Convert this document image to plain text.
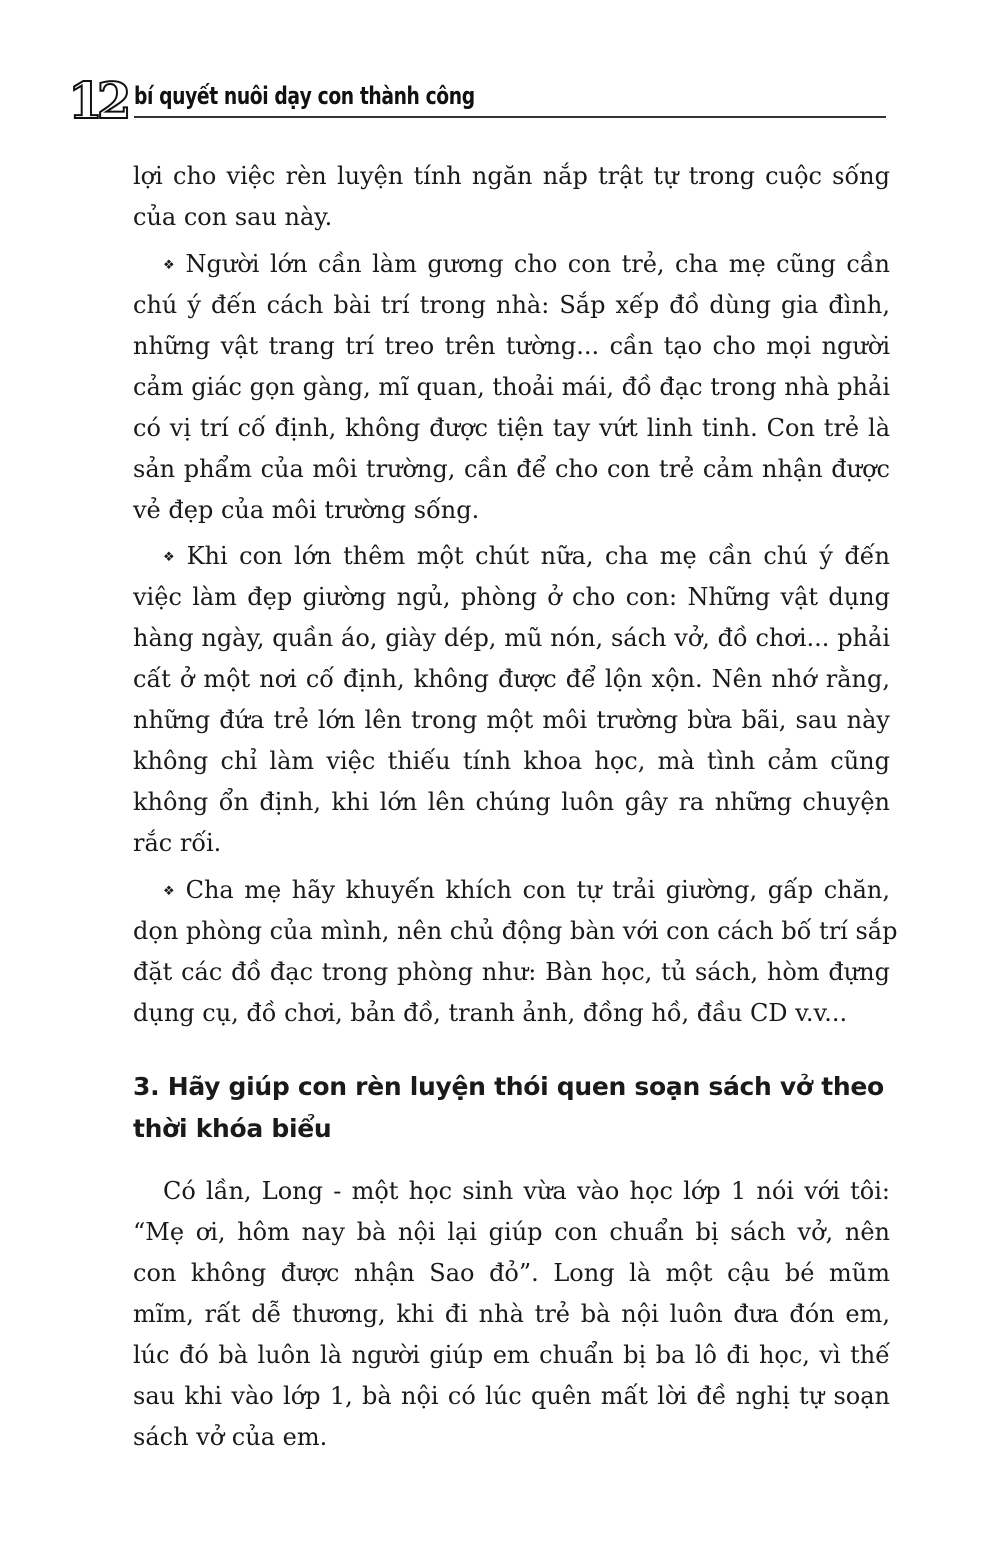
12 bí quyết nuôi dạy con thành công
lợi cho việc rèn luyện tính ngăn nắp trật tự trong cuộc sống
của con sau này.
❖ Người lớn cần làm gương cho con trẻ, cha mẹ cũng cần
chú ý đến cách bài trí trong nhà: Sắp xếp đồ dùng gia đình,
những vật trang trí treo trên tường... cần tạo cho mọi người
cảm giác gọn gàng, mĩ quan, thoải mái, đồ đạc trong nhà phải
có vị trí cố định, không được tiện tay vứt linh tinh. Con trẻ là
sản phẩm của môi trường, cần để cho con trẻ cảm nhận được
vẻ đẹp của môi trường sống.
❖ Khi con lớn thêm một chút nữa, cha mẹ cần chú ý đến
việc làm đẹp giường ngủ, phòng ở cho con: Những vật dụng
hàng ngày, quần áo, giày dép, mũ nón, sách vở, đồ chơi... phải
cất ở một nơi cố định, không được để lộn xộn. Nên nhớ rằng,
những đứa trẻ lớn lên trong một môi trường bừa bãi, sau này
không chỉ làm việc thiếu tính khoa học, mà tình cảm cũng
không ổn định, khi lớn lên chúng luôn gây ra những chuyện
rắc rối.
❖ Cha mẹ hãy khuyến khích con tự trải giường, gấp chăn,
dọn phòng của mình, nên chủ động bàn với con cách bố trí sắp
đặt các đồ đạc trong phòng như: Bàn học, tủ sách, hòm đựng
dụng cụ, đồ chơi, bản đồ, tranh ảnh, đồng hồ, đầu CD v.v...
3. Hãy giúp con rèn luyện thói quen soạn sách vở theo
thời khóa biểu
Có lần, Long - một học sinh vừa vào học lớp 1 nói với tôi:
“Mẹ ơi, hôm nay bà nội lại giúp con chuẩn bị sách vở, nên
con không được nhận Sao đỏ”. Long là một cậu bé mũm
mĩm, rất dễ thương, khi đi nhà trẻ bà nội luôn đưa đón em,
lúc đó bà luôn là người giúp em chuẩn bị ba lô đi học, vì thế
sau khi vào lớp 1, bà nội có lúc quên mất lời đề nghị tự soạn
sách vở của em.
